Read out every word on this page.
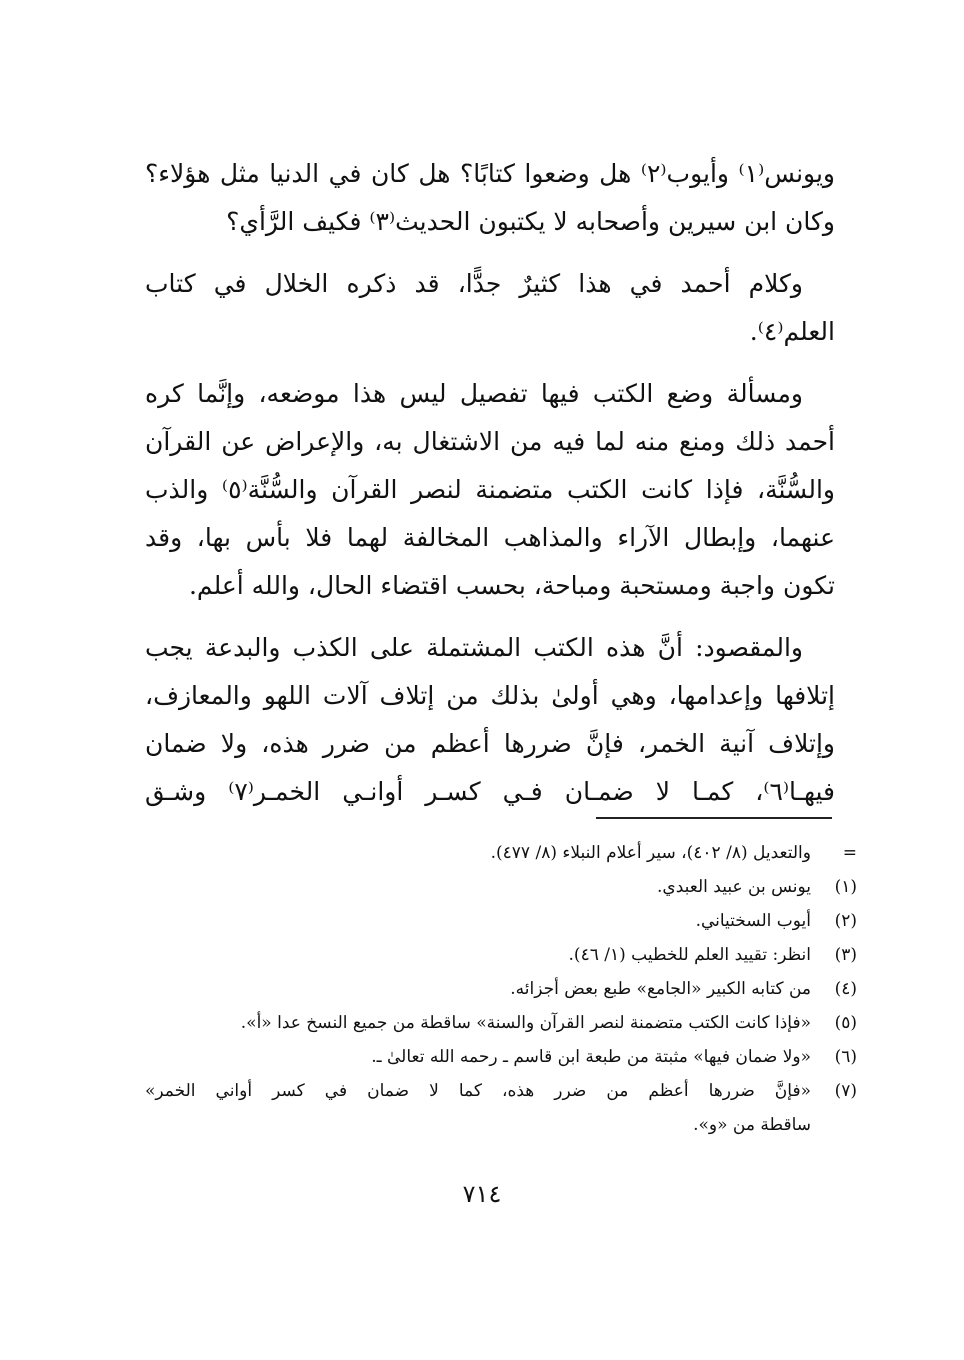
ويونس⁽١⁾ وأيوب⁽٢⁾ هل وضعوا كتابًا؟ هل كان في الدنيا مثل هؤلاء؟
وكان ابن سيرين وأصحابه لا يكتبون الحديث⁽٣⁾ فكيف الرَّأي؟
وكلام أحمد في هذا كثيرٌ جدًّا، قد ذكره الخلال في كتاب
العلم⁽٤⁾.
ومسألة وضع الكتب فيها تفصيل ليس هذا موضعه، وإنَّما كره
أحمد ذلك ومنع منه لما فيه من الاشتغال به، والإعراض عن القرآن
والسُّنَّة، فإذا كانت الكتب متضمنة لنصر القرآن والسُّنَّة⁽٥⁾ والذب
عنهما، وإبطال الآراء والمذاهب المخالفة لهما فلا بأس بها، وقد
تكون واجبة ومستحبة ومباحة، بحسب اقتضاء الحال، والله أعلم.
والمقصود: أنَّ هذه الكتب المشتملة على الكذب والبدعة يجب
إتلافها وإعدامها، وهي أولىٰ بذلك من إتلاف آلات اللهو والمعازف،
وإتلاف آنية الخمر، فإنَّ ضررها أعظم من ضرر هذه، ولا ضمان
فيهـا⁽٦⁾، كمـا لا ضمـان فـي كسـر أوانـي الخمـر⁽٧⁾ وشـق
=
والتعديل (٨/ ٤٠٢)، سير أعلام النبلاء (٨/ ٤٧٧).
(١)
يونس بن عبيد العبدي.
(٢)
أيوب السختياني.
(٣)
انظر: تقييد العلم للخطيب (١/ ٤٦).
(٤)
من كتابه الكبير «الجامع» طبع بعض أجزائه.
(٥)
«فإذا كانت الكتب متضمنة لنصر القرآن والسنة» ساقطة من جميع النسخ عدا «أ».
(٦)
«ولا ضمان فيها» مثبتة من طبعة ابن قاسم ـ رحمه الله تعالىٰ ـ.
(٧)
«فإنَّ ضررها أعظم من ضرر هذه، كما لا ضمان في كسر أواني الخمر»
ساقطة من «و».
٧١٤
